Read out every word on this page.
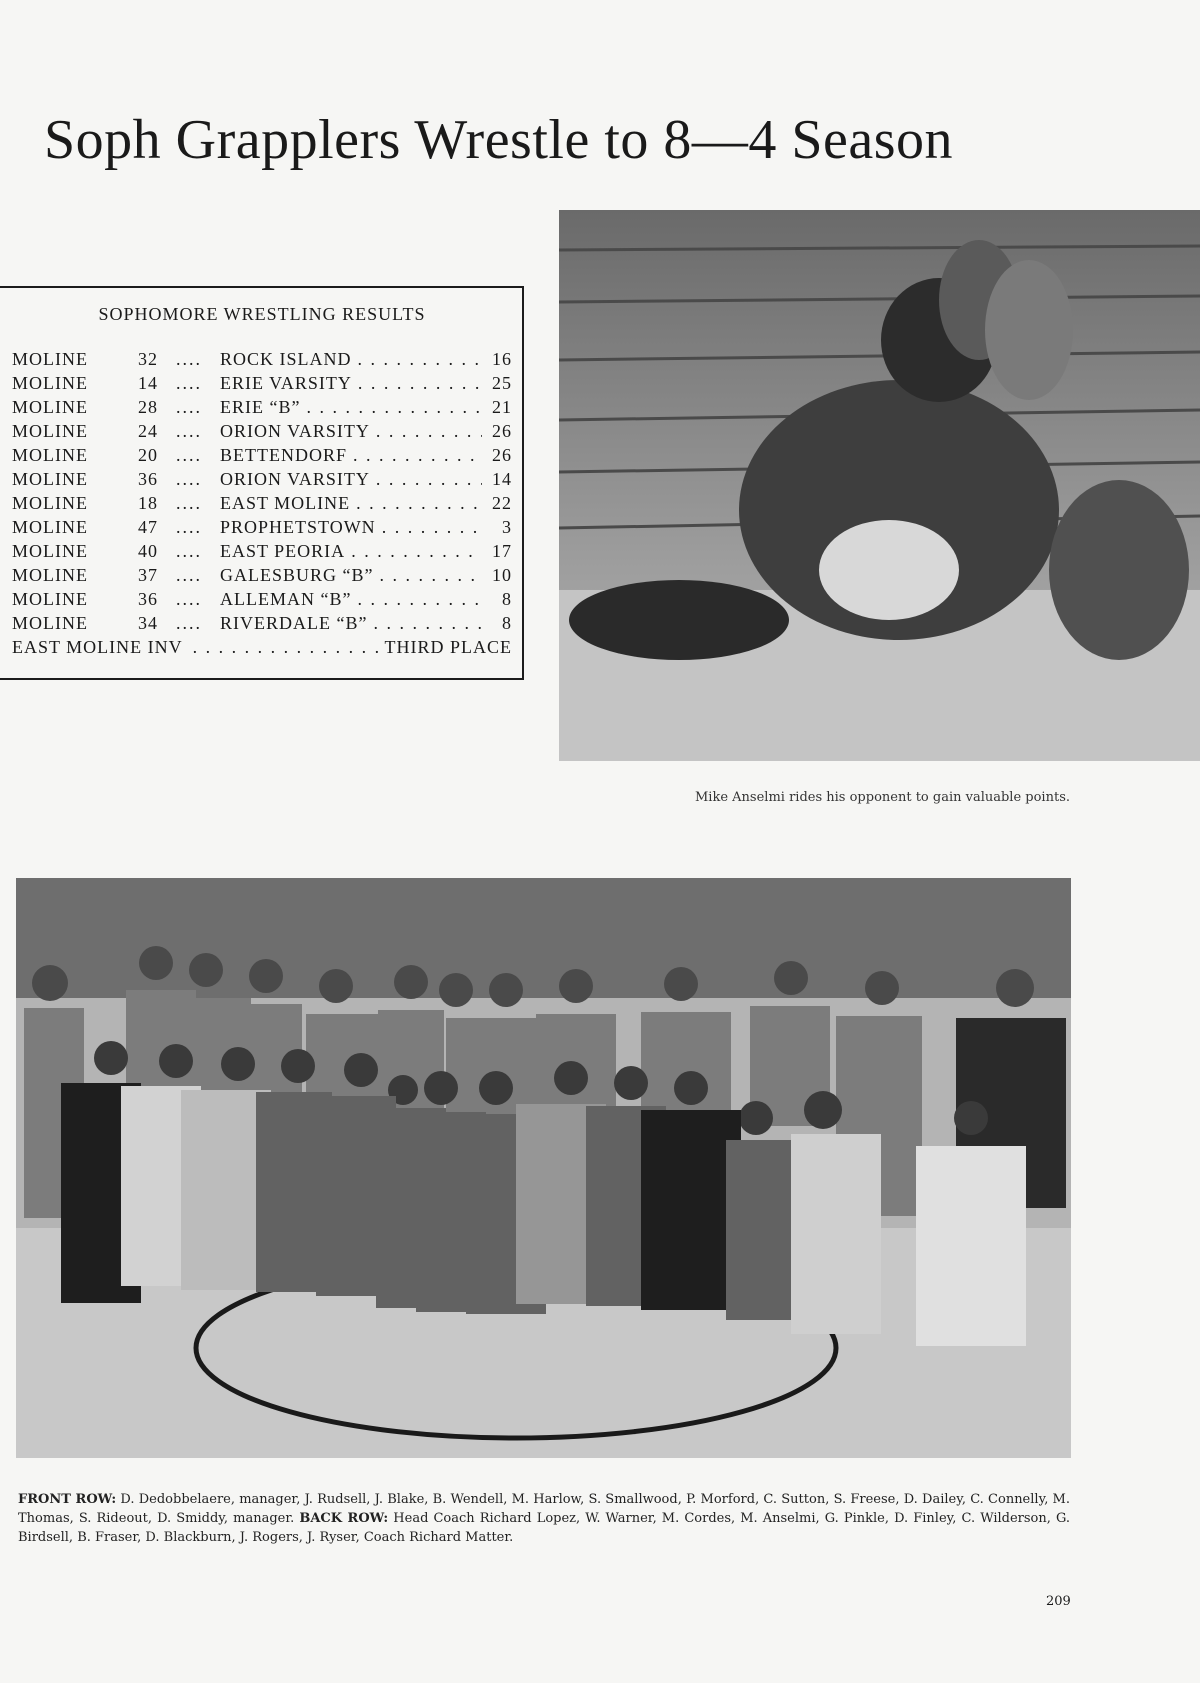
Soph Grapplers Wrestle to 8—4 Season

SOPHOMORE WRESTLING RESULTS

MOLINE	32	....	ROCK ISLAND . . .	16
MOLINE	14	....	ERIE VARSITY . . .	25
MOLINE	28	....	ERIE “B” . . .	21
MOLINE	24	....	ORION VARSITY . . .	26
MOLINE	20	....	BETTENDORF . . .	26
MOLINE	36	....	ORION VARSITY . . .	14
MOLINE	18	....	EAST MOLINE . . .	22
MOLINE	47	....	PROPHETSTOWN . . .	3
MOLINE	40	....	EAST PEORIA . . .	17
MOLINE	37	....	GALESBURG “B” . . .	10
MOLINE	36	....	ALLEMAN “B” . . .	8
MOLINE	34	....	RIVERDALE “B” . . .	8
EAST MOLINE INV . . .	THIRD PLACE

Mike Anselmi rides his opponent to gain valuable points.

FRONT ROW: D. Dedobbelaere, manager, J. Rudsell, J. Blake, B. Wendell, M. Harlow, S. Smallwood, P. Morford, C. Sutton, S. Freese, D. Dailey, C. Connelly, M. Thomas, S. Rideout, D. Smiddy, manager. BACK ROW: Head Coach Richard Lopez, W. Warner, M. Cordes, M. Anselmi, G. Pinkle, D. Finley, C. Wilderson, G. Birdsell, B. Fraser, D. Blackburn, J. Rogers, J. Ryser, Coach Richard Matter.

209
